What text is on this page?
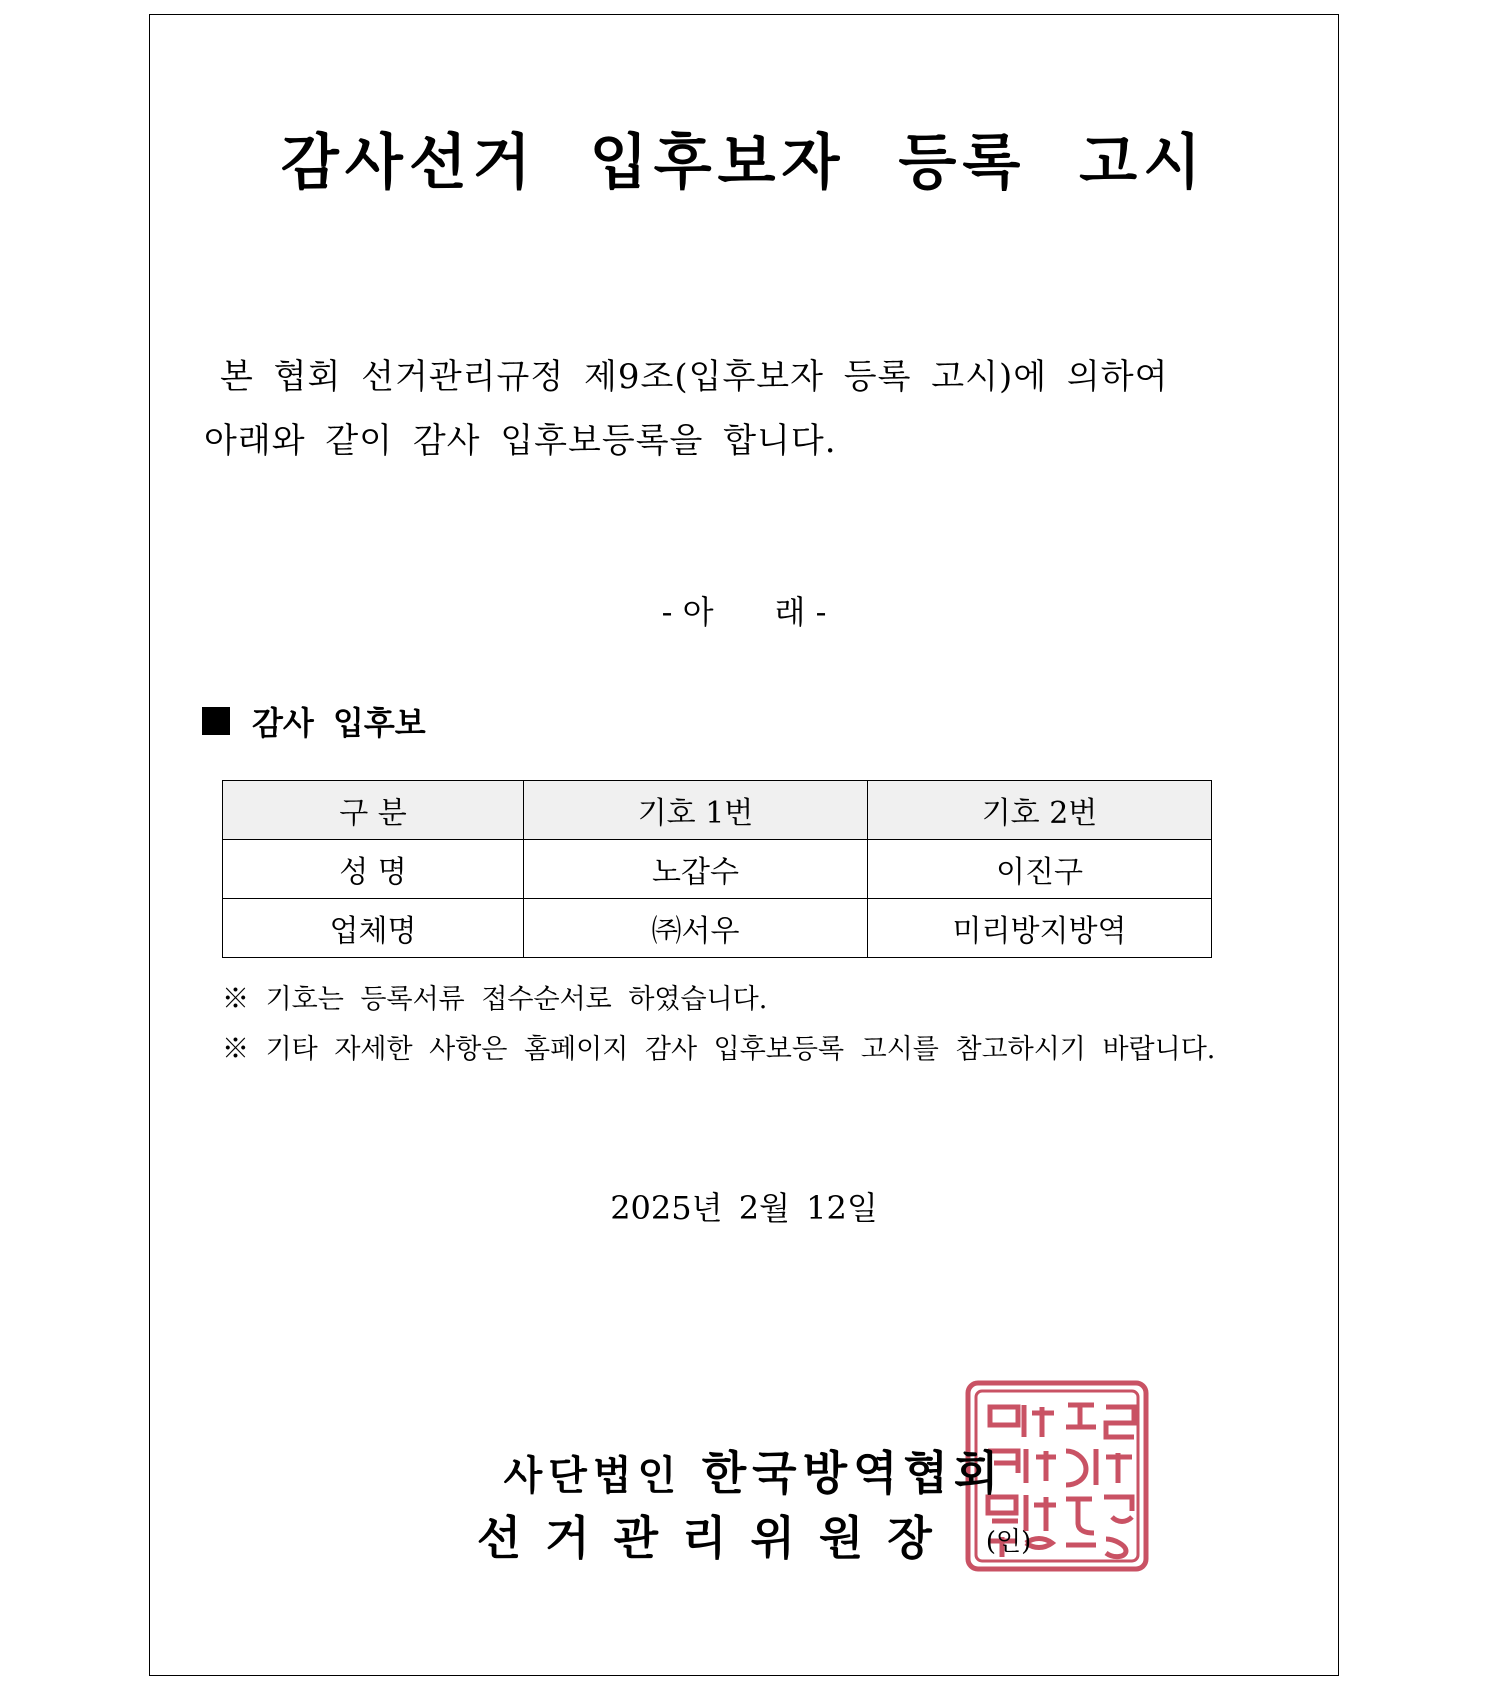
감사선거 입후보자 등록 고시
본 협회 선거관리규정 제9조(입후보자 등록 고시)에 의하여
아래와 같이 감사 입후보등록을 합니다.
- 아      래 -
감사 입후보
구 분	기호 1번	기호 2번
성 명	노갑수	이진구
업체명	㈜서우	미리방지방역
※ 기호는 등록서류 접수순서로 하였습니다.
※ 기타 자세한 사항은 홈페이지 감사 입후보등록 고시를 참고하시기 바랍니다.
2025년 2월 12일
사단법인 한국방역협회
선거관리위원장 (인)
